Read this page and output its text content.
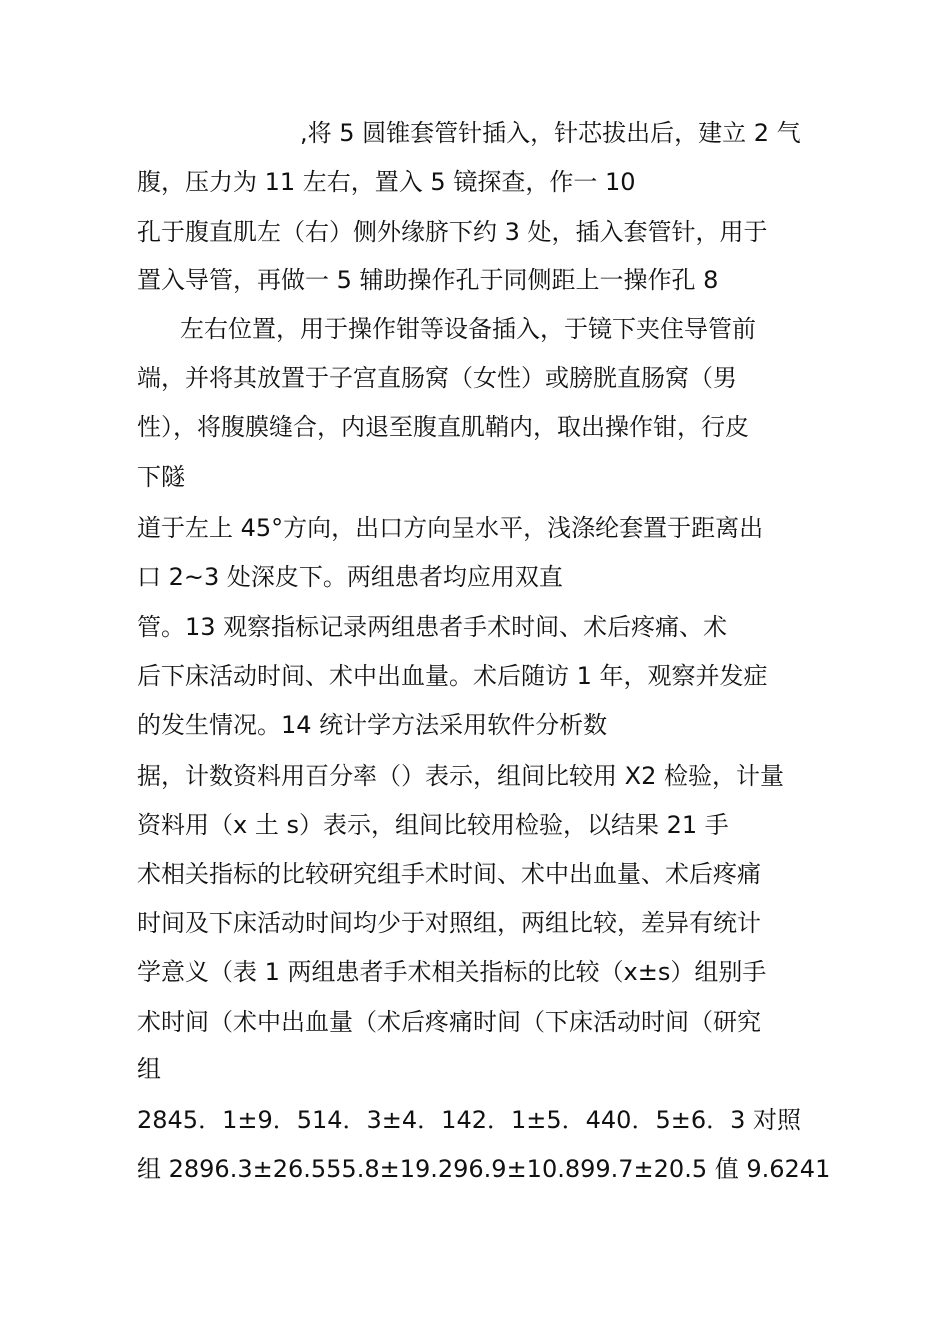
,将 5 圆锥套管针插入，针芯拔出后，建立 2 气
腹，压力为 11 左右，置入 5 镜探查，作一 10
孔于腹直肌左（右）侧外缘脐下约 3 处，插入套管针，用于
置入导管，再做一 5 辅助操作孔于同侧距上一操作孔 8
左右位置，用于操作钳等设备插入，于镜下夹住导管前
端，并将其放置于子宫直肠窝（女性）或膀胱直肠窝（男
性），将腹膜缝合，内退至腹直肌鞘内，取出操作钳，行皮
下隧
道于左上 45°方向，出口方向呈水平，浅涤纶套置于距离出
口 2~3 处深皮下。两组患者均应用双直
管。13 观察指标记录两组患者手术时间、术后疼痛、术
后下床活动时间、术中出血量。术后随访 1 年，观察并发症
的发生情况。14 统计学方法采用软件分析数
据，计数资料用百分率（）表示，组间比较用 X2 检验，计量
资料用（x 土 s）表示，组间比较用检验，以结果 21 手
术相关指标的比较研究组手术时间、术中出血量、术后疼痛
时间及下床活动时间均少于对照组，两组比较，差异有统计
学意义（表 1 两组患者手术相关指标的比较（x±s）组别手
术时间（术中出血量（术后疼痛时间（下床活动时间（研究
组
2845．1±9．514．3±4．142．1±5．440．5±6．3 对照
组 2896.3±26.555.8±19.296.9±10.899.7±20.5 值 9.6241
